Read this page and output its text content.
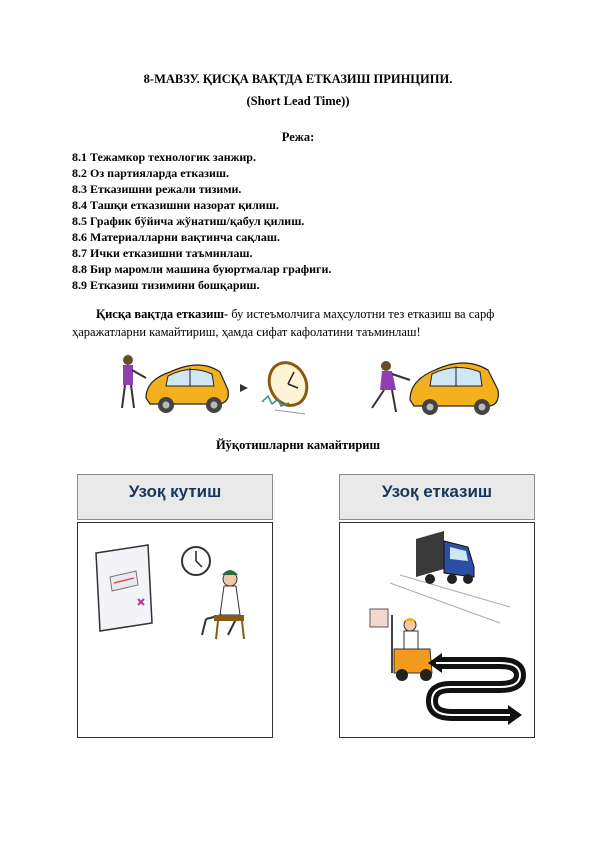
8-МАВЗУ. ҚИСҚА ВАҚТДА ЕТКАЗИШ ПРИНЦИПИ.
(Short Lead Time))
Режа:
8.1 Тежамкор технологик занжир.
8.2 Оз партияларда етказиш.
8.3 Етказишни режали тизими.
8.4 Ташқи етказишни назорат қилиш.
8.5 График бўйича жўнатиш/қабул қилиш.
8.6 Материалларни вақтинча сақлаш.
8.7 Ички етказишни таъминлаш.
8.8 Бир маромли машина буюртмалар графиги.
8.9 Етказиш тизимини бошқариш.
Қисқа вақтда етказиш- бу истеъмолчига маҳсулотни тез етказиш ва сарф ҳаражатларни камайтириш, ҳамда сифат кафолатини таъминлаш!
Йўқотишларни камайтириш
Узоқ кутиш	Узоқ етказиш
